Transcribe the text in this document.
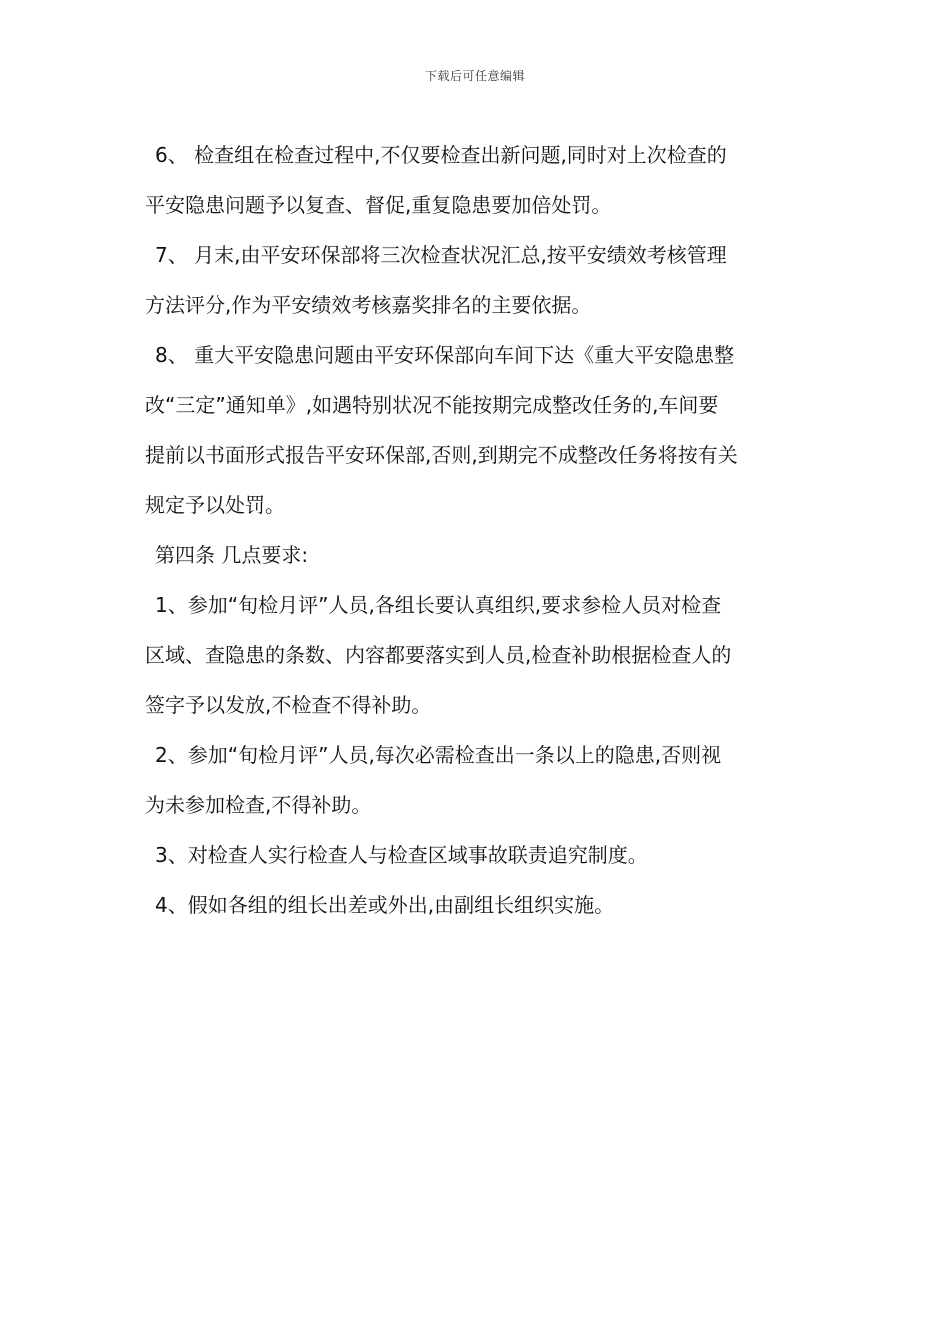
下载后可任意编辑
6、 检查组在检查过程中,不仅要检查出新问题,同时对上次检查的
平安隐患问题予以复查、督促,重复隐患要加倍处罚。
7、 月末,由平安环保部将三次检查状况汇总,按平安绩效考核管理
方法评分,作为平安绩效考核嘉奖排名的主要依据。
8、 重大平安隐患问题由平安环保部向车间下达《重大平安隐患整
改“三定”通知单》,如遇特别状况不能按期完成整改任务的,车间要
提前以书面形式报告平安环保部,否则,到期完不成整改任务将按有关
规定予以处罚。
第四条 几点要求:
1、参加“旬检月评”人员,各组长要认真组织,要求参检人员对检查
区域、查隐患的条数、内容都要落实到人员,检查补助根据检查人的
签字予以发放,不检查不得补助。
2、参加“旬检月评”人员,每次必需检查出一条以上的隐患,否则视
为未参加检查,不得补助。
3、对检查人实行检查人与检查区域事故联责追究制度。
4、假如各组的组长出差或外出,由副组长组织实施。
